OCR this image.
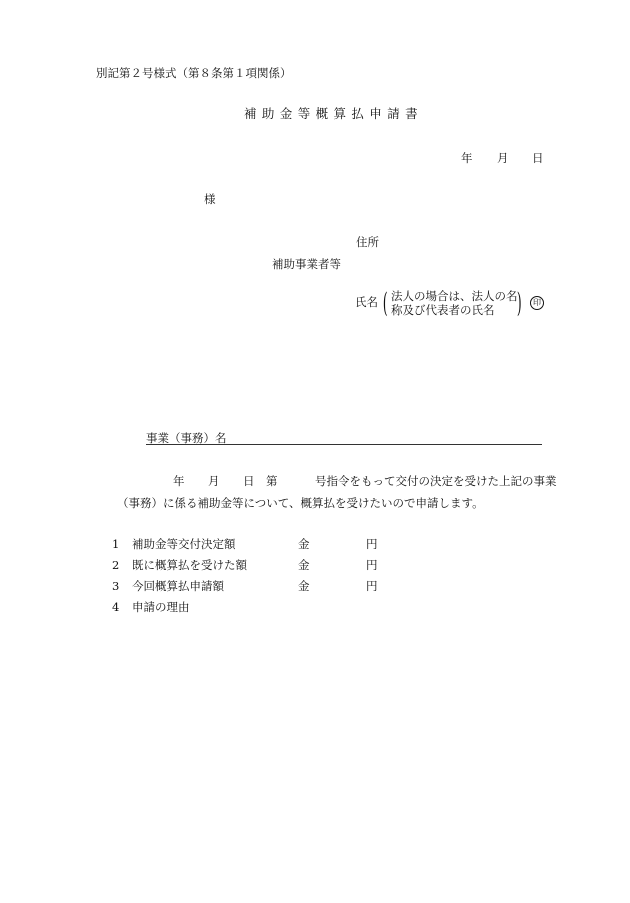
別記第２号様式（第８条第１項関係）
補助金等概算払申請書
年 月 日
様
住所
補助事業者等
氏名 ( 法人の場合は、法人の名
称及び代表者の氏名 )	印
事業（事務）名
年 月 日 第	号指令をもって交付の決定を受けた上記の事業
（事務）に係る補助金等について、概算払を受けたいので申請します。
1 補助金等交付決定額	金	円
2 既に概算払を受けた額	金	円
3 今回概算払申請額	金	円
4 申請の理由
